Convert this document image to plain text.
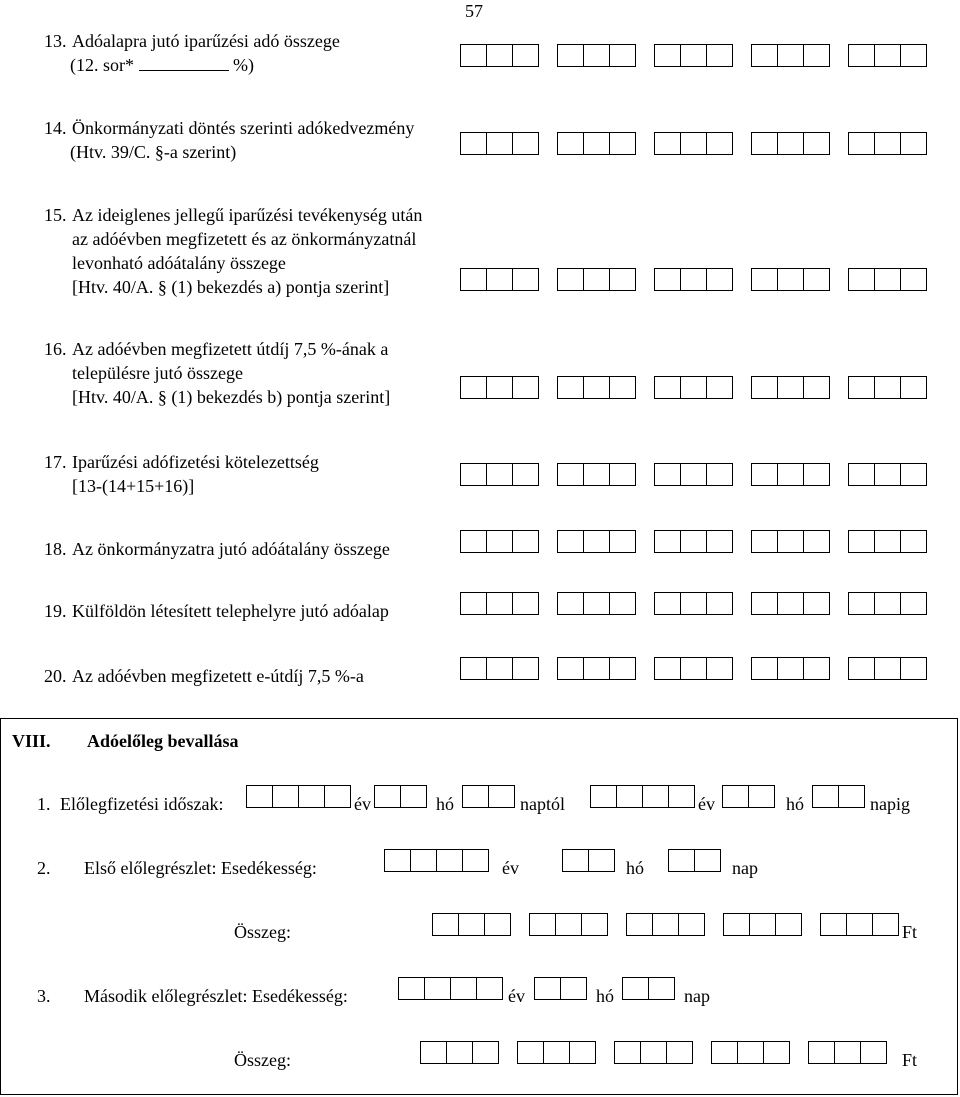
57
13. Adóalapra jutó iparűzési adó összege
(12. sor*	%)
14. Önkormányzati döntés szerinti adókedvezmény
(Htv. 39/C. §-a szerint)
15. Az ideiglenes jellegű iparűzési tevékenység után
az adóévben megfizetett és az önkormányzatnál
levonható adóátalány összege
[Htv. 40/A. § (1) bekezdés a) pontja szerint]
16. Az adóévben megfizetett útdíj 7,5 %-ának a
településre jutó összege
[Htv. 40/A. § (1) bekezdés b) pontja szerint]
17. Iparűzési adófizetési kötelezettség
[13-(14+15+16)]
18. Az önkormányzatra jutó adóátalány összege
19. Külföldön létesített telephelyre jutó adóalap
20. Az adóévben megfizetett e-útdíj 7,5 %-a
VIII. Adóelőleg bevallása
1. Előlegfizetési időszak:	év	hó	naptól	év	hó	napig
2. Első előlegrészlet: Esedékesség:	év	hó	nap
Összeg:	Ft
3. Második előlegrészlet: Esedékesség:	év	hó	nap
Összeg:	Ft
